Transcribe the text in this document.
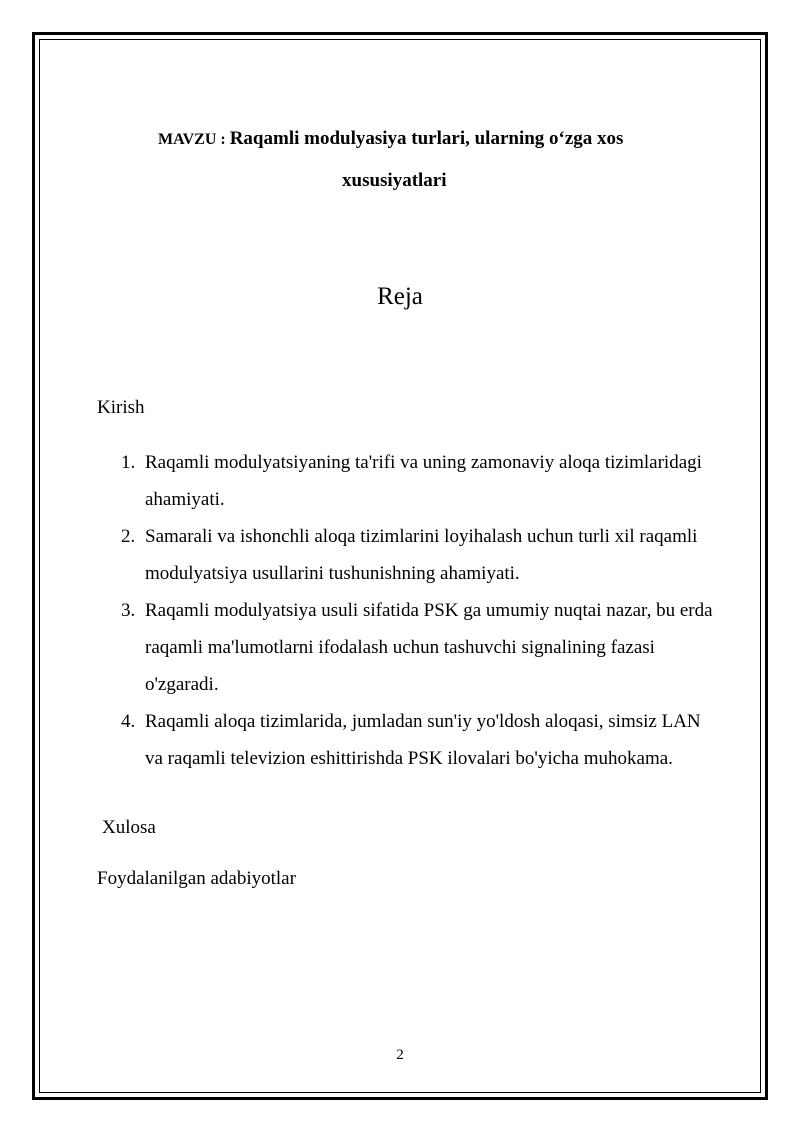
MAVZU : Raqamli modulyasiya turlari, ularning o‘zga xos
xususiyatlari
Reja
Kirish
1. Raqamli modulyatsiyaning ta'rifi va uning zamonaviy aloqa tizimlaridagi ahamiyati.
2. Samarali va ishonchli aloqa tizimlarini loyihalash uchun turli xil raqamli modulyatsiya usullarini tushunishning ahamiyati.
3. Raqamli modulyatsiya usuli sifatida PSK ga umumiy nuqtai nazar, bu erda raqamli ma'lumotlarni ifodalash uchun tashuvchi signalining fazasi o'zgaradi.
4. Raqamli aloqa tizimlarida, jumladan sun'iy yo'ldosh aloqasi, simsiz LAN va raqamli televizion eshittirishda PSK ilovalari bo'yicha muhokama.
Xulosa
Foydalanilgan adabiyotlar
2
